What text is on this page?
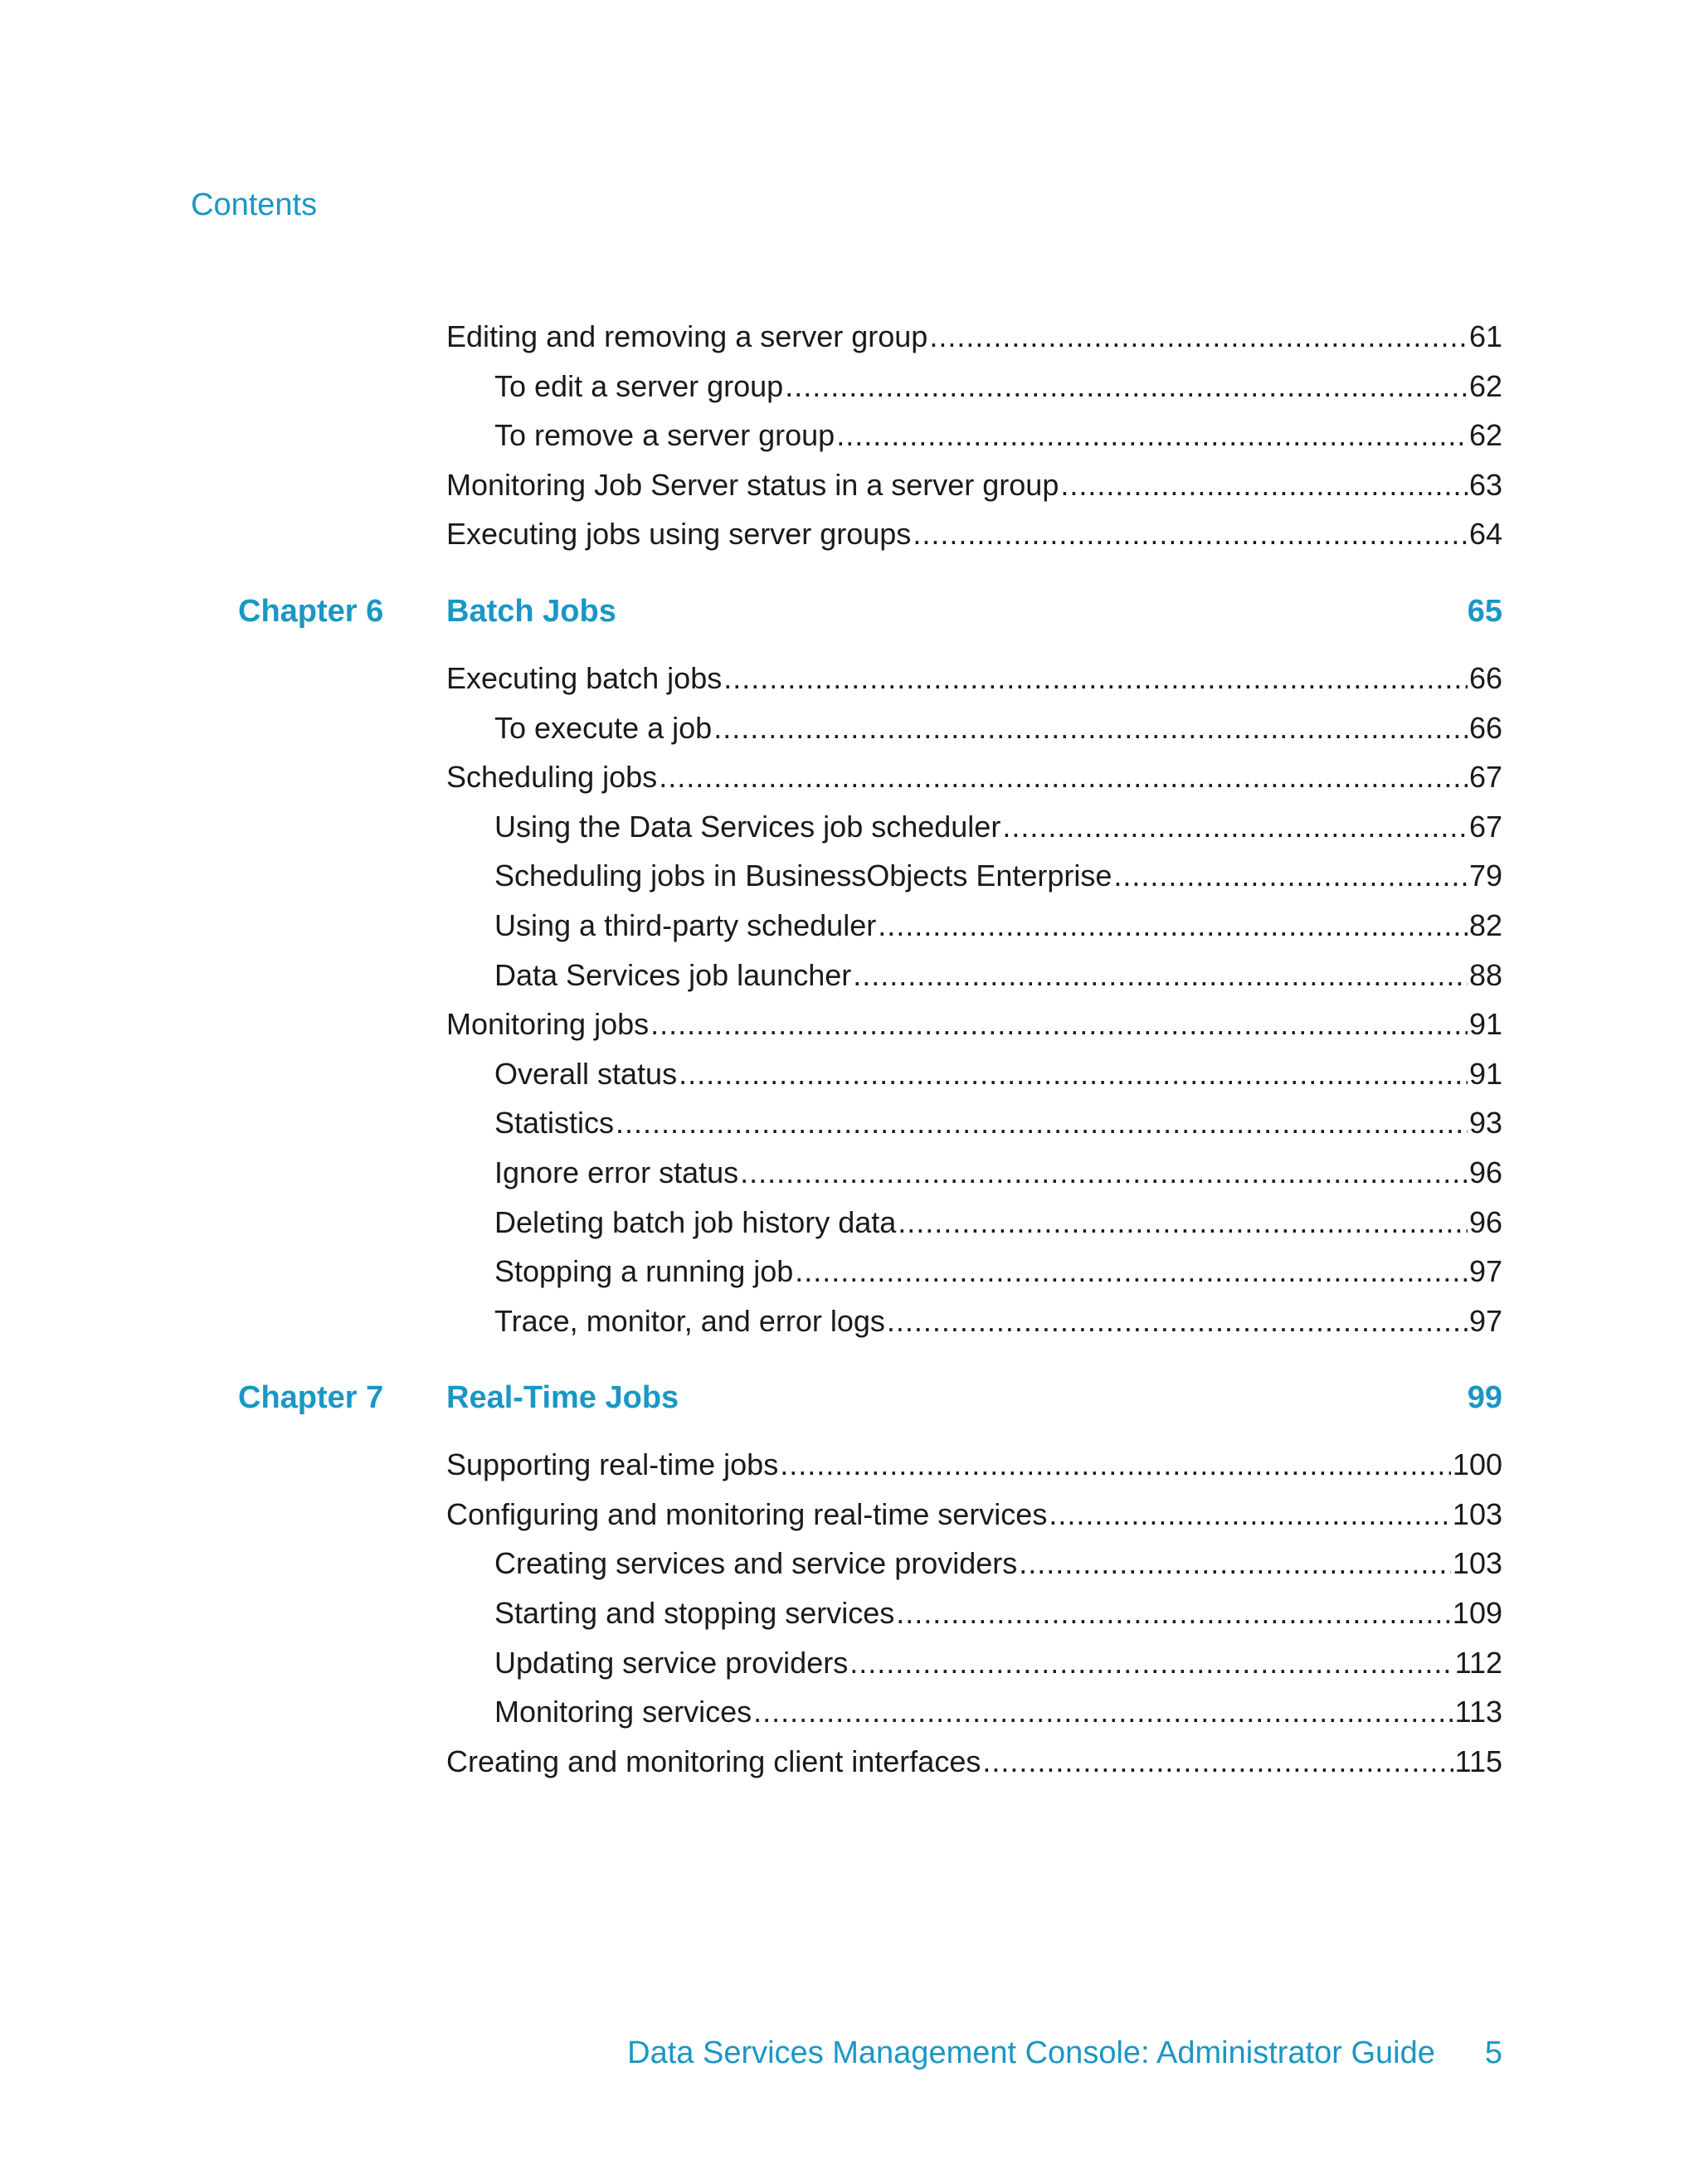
Contents
Editing and removing a server group .....	61
To edit a server group .....	62
To remove a server group .....	62
Monitoring Job Server status in a server group .....	63
Executing jobs using server groups .....	64
Chapter 6 Batch Jobs	65
Executing batch jobs .....	66
To execute a job .....	66
Scheduling jobs .....	67
Using the Data Services job scheduler .....	67
Scheduling jobs in BusinessObjects Enterprise .....	79
Using a third-party scheduler .....	82
Data Services job launcher .....	88
Monitoring jobs .....	91
Overall status .....	91
Statistics .....	93
Ignore error status .....	96
Deleting batch job history data .....	96
Stopping a running job .....	97
Trace, monitor, and error logs .....	97
Chapter 7 Real-Time Jobs	99
Supporting real-time jobs .....	100
Configuring and monitoring real-time services .....	103
Creating services and service providers .....	103
Starting and stopping services .....	109
Updating service providers .....	112
Monitoring services .....	113
Creating and monitoring client interfaces .....	115
Data Services Management Console: Administrator Guide 5
